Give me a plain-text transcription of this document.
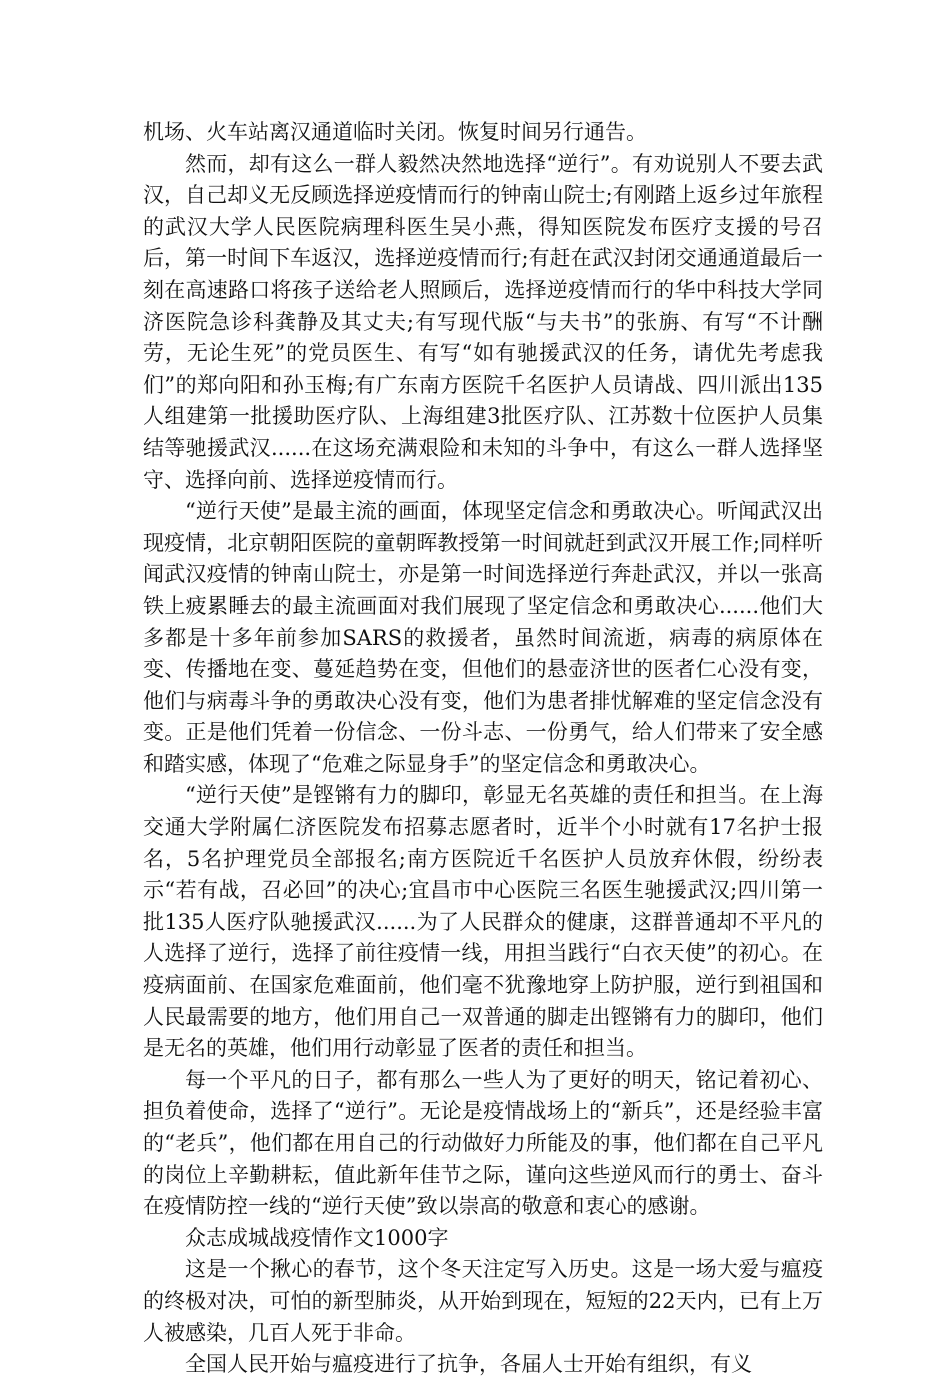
机场、火车站离汉通道临时关闭。恢复时间另行通告。

然而，却有这么一群人毅然决然地选择“逆行”。有劝说别人不要去武汉，自己却义无反顾选择逆疫情而行的钟南山院士;有刚踏上返乡过年旅程的武汉大学人民医院病理科医生吴小燕，得知医院发布医疗支援的号召后，第一时间下车返汉，选择逆疫情而行;有赶在武汉封闭交通通道最后一刻在高速路口将孩子送给老人照顾后，选择逆疫情而行的华中科技大学同济医院急诊科龚静及其丈夫;有写现代版“与夫书”的张旃、有写“不计酬劳，无论生死”的党员医生、有写“如有驰援武汉的任务，请优先考虑我们”的郑向阳和孙玉梅;有广东南方医院千名医护人员请战、四川派出135人组建第一批援助医疗队、上海组建3批医疗队、江苏数十位医护人员集结等驰援武汉......在这场充满艰险和未知的斗争中，有这么一群人选择坚守、选择向前、选择逆疫情而行。

“逆行天使”是最主流的画面，体现坚定信念和勇敢决心。听闻武汉出现疫情，北京朝阳医院的童朝晖教授第一时间就赶到武汉开展工作;同样听闻武汉疫情的钟南山院士，亦是第一时间选择逆行奔赴武汉，并以一张高铁上疲累睡去的最主流画面对我们展现了坚定信念和勇敢决心......他们大多都是十多年前参加SARS的救援者，虽然时间流逝，病毒的病原体在变、传播地在变、蔓延趋势在变，但他们的悬壶济世的医者仁心没有变，他们与病毒斗争的勇敢决心没有变，他们为患者排忧解难的坚定信念没有变。正是他们凭着一份信念、一份斗志、一份勇气，给人们带来了安全感和踏实感，体现了“危难之际显身手”的坚定信念和勇敢决心。

“逆行天使”是铿锵有力的脚印，彰显无名英雄的责任和担当。在上海交通大学附属仁济医院发布招募志愿者时，近半个小时就有17名护士报名，5名护理党员全部报名;南方医院近千名医护人员放弃休假，纷纷表示“若有战，召必回”的决心;宜昌市中心医院三名医生驰援武汉;四川第一批135人医疗队驰援武汉......为了人民群众的健康，这群普通却不平凡的人选择了逆行，选择了前往疫情一线，用担当践行“白衣天使”的初心。在疫病面前、在国家危难面前，他们毫不犹豫地穿上防护服，逆行到祖国和人民最需要的地方，他们用自己一双普通的脚走出铿锵有力的脚印，他们是无名的英雄，他们用行动彰显了医者的责任和担当。

每一个平凡的日子，都有那么一些人为了更好的明天，铭记着初心、担负着使命，选择了“逆行”。无论是疫情战场上的“新兵”，还是经验丰富的“老兵”，他们都在用自己的行动做好力所能及的事，他们都在自己平凡的岗位上辛勤耕耘，值此新年佳节之际，谨向这些逆风而行的勇士、奋斗在疫情防控一线的“逆行天使”致以崇高的敬意和衷心的感谢。

众志成城战疫情作文1000字

这是一个揪心的春节，这个冬天注定写入历史。这是一场大爱与瘟疫的终极对决，可怕的新型肺炎，从开始到现在，短短的22天内，已有上万人被感染，几百人死于非命。

全国人民开始与瘟疫进行了抗争，各届人士开始有组织，有义
